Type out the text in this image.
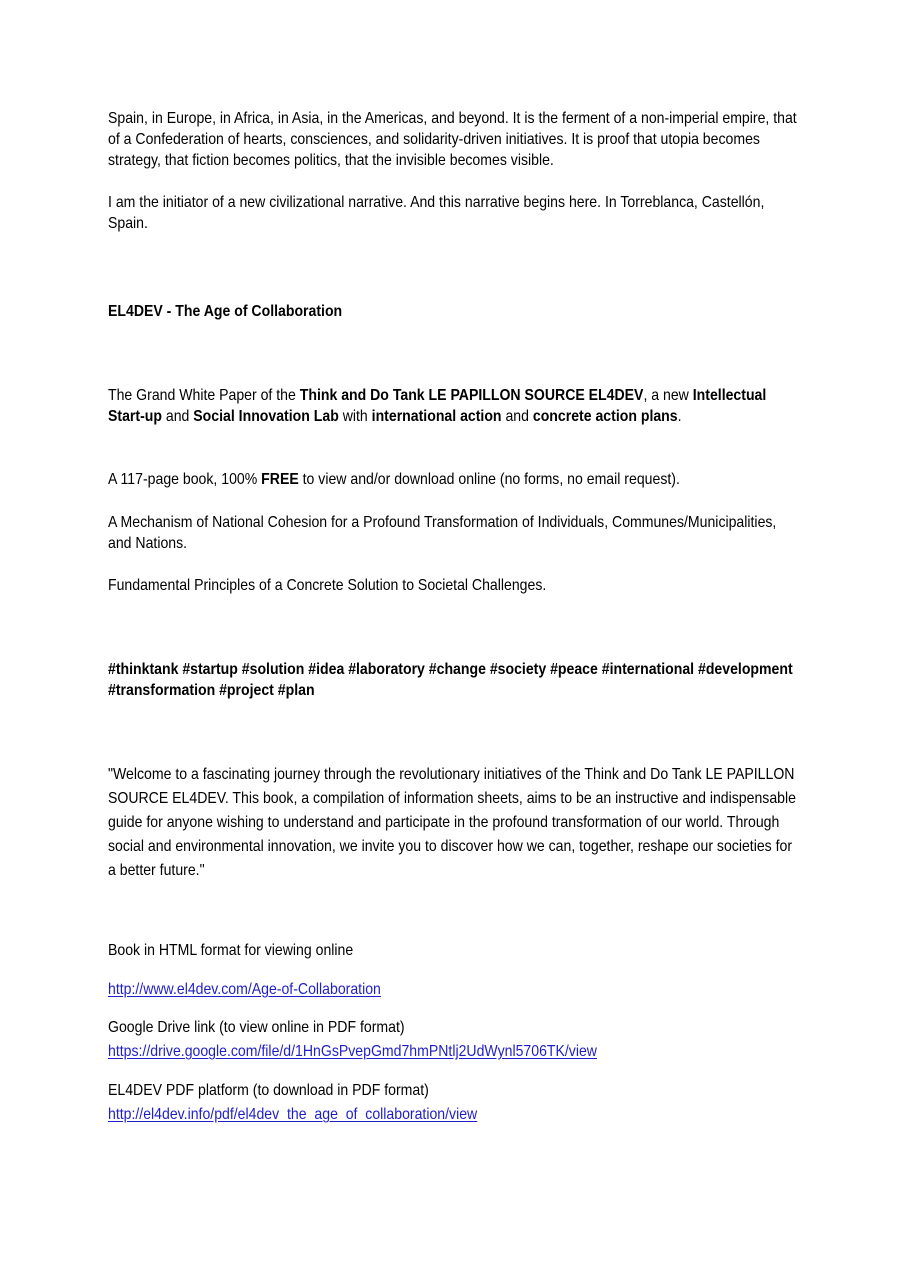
Spain, in Europe, in Africa, in Asia, in the Americas, and beyond. It is the ferment of a non-imperial empire, that of a Confederation of hearts, consciences, and solidarity-driven initiatives. It is proof that utopia becomes strategy, that fiction becomes politics, that the invisible becomes visible.

I am the initiator of a new civilizational narrative. And this narrative begins here. In Torreblanca, Castellón, Spain.

EL4DEV - The Age of Collaboration

The Grand White Paper of the Think and Do Tank LE PAPILLON SOURCE EL4DEV, a new Intellectual Start-up and Social Innovation Lab with international action and concrete action plans.

A 117-page book, 100% FREE to view and/or download online (no forms, no email request).

A Mechanism of National Cohesion for a Profound Transformation of Individuals, Communes/Municipalities, and Nations.

Fundamental Principles of a Concrete Solution to Societal Challenges.

#thinktank #startup #solution #idea #laboratory #change #society #peace #international #development #transformation #project #plan

"Welcome to a fascinating journey through the revolutionary initiatives of the Think and Do Tank LE PAPILLON SOURCE EL4DEV. This book, a compilation of information sheets, aims to be an instructive and indispensable guide for anyone wishing to understand and participate in the profound transformation of our world. Through social and environmental innovation, we invite you to discover how we can, together, reshape our societies for a better future."

Book in HTML format for viewing online

http://www.el4dev.com/Age-of-Collaboration

Google Drive link (to view online in PDF format)
https://drive.google.com/file/d/1HnGsPvepGmd7hmPNtlj2UdWynl5706TK/view

EL4DEV PDF platform (to download in PDF format)
http://el4dev.info/pdf/el4dev_the_age_of_collaboration/view
